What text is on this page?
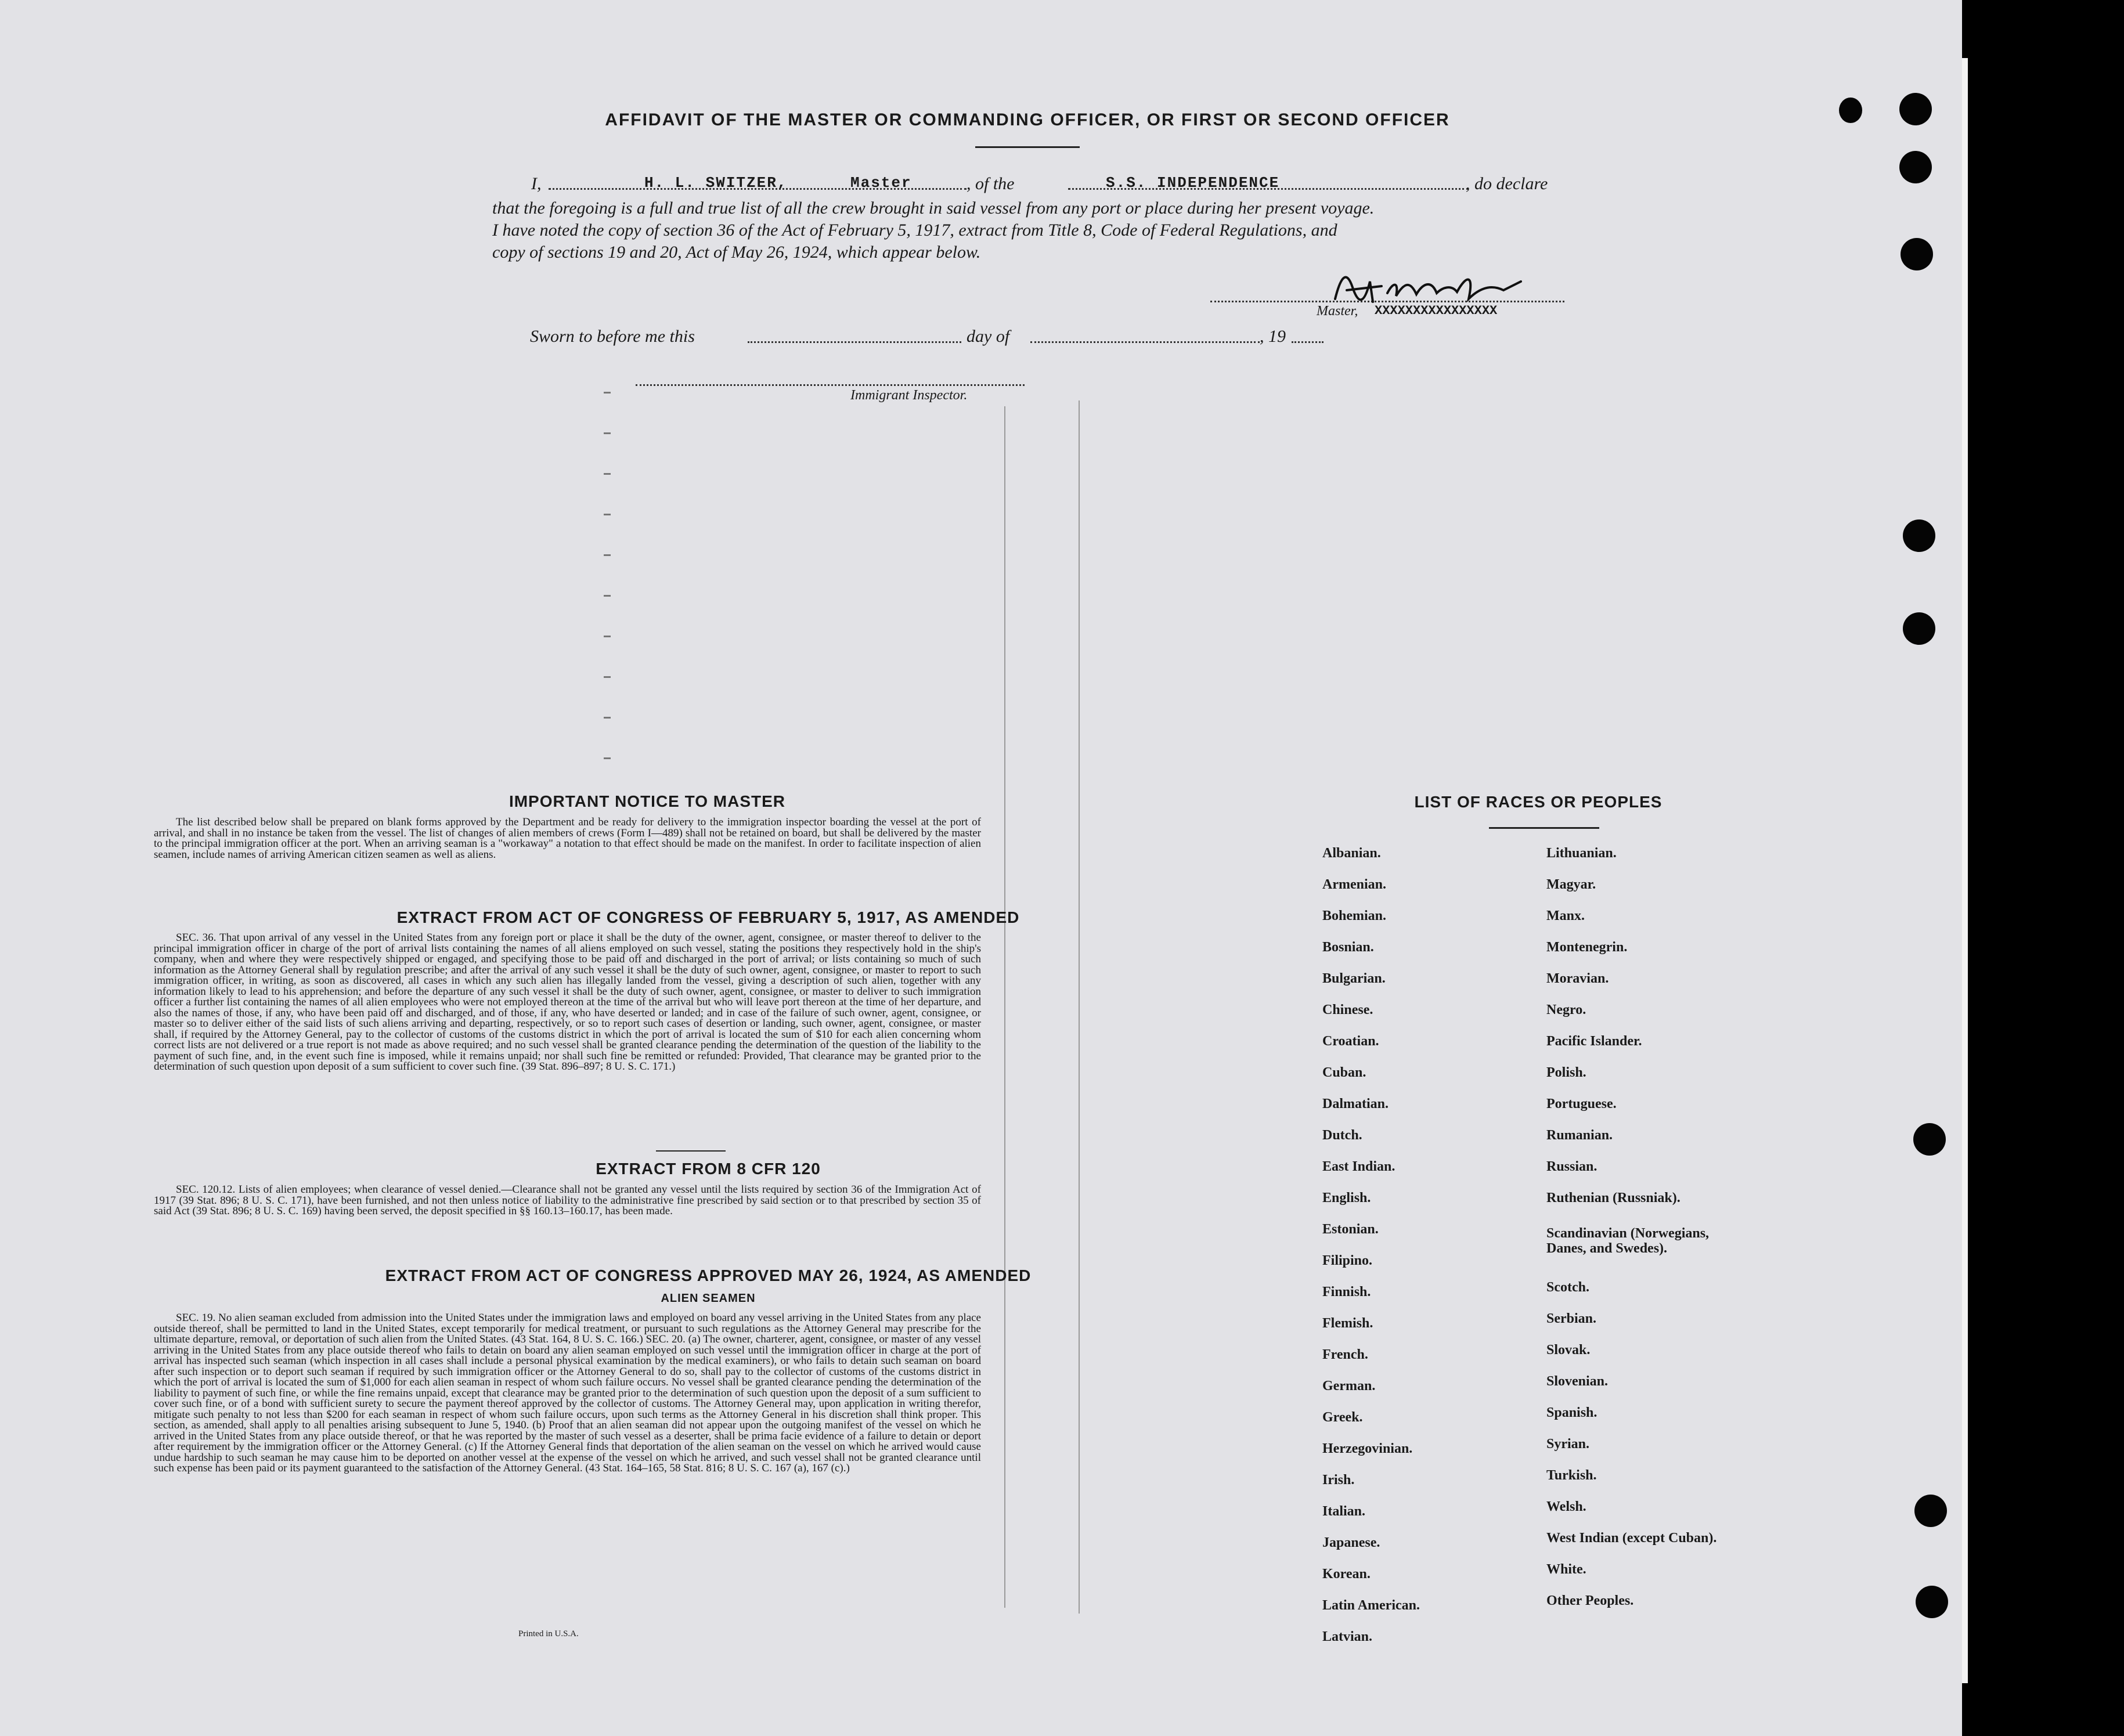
AFFIDAVIT OF THE MASTER OR COMMANDING OFFICER, OR FIRST OR SECOND OFFICER
I,	H. L. SWITZER,	Master	, of the	S.S. INDEPENDENCE	, do declare
that the foregoing is a full and true list of all the crew brought in said vessel from any port or place during her present voyage.
I have noted the copy of section 36 of the Act of February 5, 1917, extract from Title 8, Code of Federal Regulations, and
copy of sections 19 and 20, Act of May 26, 1924, which appear below.
Master, XXXXXXXXXXXXXXXX
Sworn to before me this	day of	, 19
Immigrant Inspector.
IMPORTANT NOTICE TO MASTER
The list described below shall be prepared on blank forms approved by the Department and be ready for delivery to the immigration inspector boarding the vessel at the port of arrival, and shall in no instance be taken from the vessel. The list of changes of alien members of crews (Form I—489) shall not be retained on board, but shall be delivered by the master to the principal immigration officer at the port. When an arriving seaman is a "workaway" a notation to that effect should be made on the manifest. In order to facilitate inspection of alien seamen, include names of arriving American citizen seamen as well as aliens.
EXTRACT FROM ACT OF CONGRESS OF FEBRUARY 5, 1917, AS AMENDED
SEC. 36. That upon arrival of any vessel in the United States from any foreign port or place it shall be the duty of the owner, agent, consignee, or master thereof to deliver to the principal immigration officer in charge of the port of arrival lists containing the names of all aliens employed on such vessel, stating the positions they respectively hold in the ship's company, when and where they were respectively shipped or engaged, and specifying those to be paid off and discharged in the port of arrival; or lists containing so much of such information as the Attorney General shall by regulation prescribe; and after the arrival of any such vessel it shall be the duty of such owner, agent, consignee, or master to report to such immigration officer, in writing, as soon as discovered, all cases in which any such alien has illegally landed from the vessel, giving a description of such alien, together with any information likely to lead to his apprehension; and before the departure of any such vessel it shall be the duty of such owner, agent, consignee, or master to deliver to such immigration officer a further list containing the names of all alien employees who were not employed thereon at the time of the arrival but who will leave port thereon at the time of her departure, and also the names of those, if any, who have been paid off and discharged, and of those, if any, who have deserted or landed; and in case of the failure of such owner, agent, consignee, or master so to deliver either of the said lists of such aliens arriving and departing, respectively, or so to report such cases of desertion or landing, such owner, agent, consignee, or master shall, if required by the Attorney General, pay to the collector of customs of the customs district in which the port of arrival is located the sum of $10 for each alien concerning whom correct lists are not delivered or a true report is not made as above required; and no such vessel shall be granted clearance pending the determination of the question of the liability to the payment of such fine, and, in the event such fine is imposed, while it remains unpaid; nor shall such fine be remitted or refunded: Provided, That clearance may be granted prior to the determination of such question upon deposit of a sum sufficient to cover such fine. (39 Stat. 896–897; 8 U. S. C. 171.)
EXTRACT FROM 8 CFR 120
SEC. 120.12. Lists of alien employees; when clearance of vessel denied.—Clearance shall not be granted any vessel until the lists required by section 36 of the Immigration Act of 1917 (39 Stat. 896; 8 U. S. C. 171), have been furnished, and not then unless notice of liability to the administrative fine prescribed by said section or to that prescribed by section 35 of said Act (39 Stat. 896; 8 U. S. C. 169) having been served, the deposit specified in §§ 160.13–160.17, has been made.
EXTRACT FROM ACT OF CONGRESS APPROVED MAY 26, 1924, AS AMENDED
ALIEN SEAMEN
SEC. 19. No alien seaman excluded from admission into the United States under the immigration laws and employed on board any vessel arriving in the United States from any place outside thereof, shall be permitted to land in the United States, except temporarily for medical treatment, or pursuant to such regulations as the Attorney General may prescribe for the ultimate departure, removal, or deportation of such alien from the United States. (43 Stat. 164, 8 U. S. C. 166.) SEC. 20. (a) The owner, charterer, agent, consignee, or master of any vessel arriving in the United States from any place outside thereof who fails to detain on board any alien seaman employed on such vessel until the immigration officer in charge at the port of arrival has inspected such seaman (which inspection in all cases shall include a personal physical examination by the medical examiners), or who fails to detain such seaman on board after such inspection or to deport such seaman if required by such immigration officer or the Attorney General to do so, shall pay to the collector of customs of the customs district in which the port of arrival is located the sum of $1,000 for each alien seaman in respect of whom such failure occurs. No vessel shall be granted clearance pending the determination of the liability to payment of such fine, or while the fine remains unpaid, except that clearance may be granted prior to the determination of such question upon the deposit of a sum sufficient to cover such fine, or of a bond with sufficient surety to secure the payment thereof approved by the collector of customs. The Attorney General may, upon application in writing therefor, mitigate such penalty to not less than $200 for each seaman in respect of whom such failure occurs, upon such terms as the Attorney General in his discretion shall think proper. This section, as amended, shall apply to all penalties arising subsequent to June 5, 1940. (b) Proof that an alien seaman did not appear upon the outgoing manifest of the vessel on which he arrived in the United States from any place outside thereof, or that he was reported by the master of such vessel as a deserter, shall be prima facie evidence of a failure to detain or deport after requirement by the immigration officer or the Attorney General. (c) If the Attorney General finds that deportation of the alien seaman on the vessel on which he arrived would cause undue hardship to such seaman he may cause him to be deported on another vessel at the expense of the vessel on which he arrived, and such vessel shall not be granted clearance until such expense has been paid or its payment guaranteed to the satisfaction of the Attorney General. (43 Stat. 164–165, 58 Stat. 816; 8 U. S. C. 167 (a), 167 (c).)
Printed in U.S.A.
LIST OF RACES OR PEOPLES
Albanian.
Armenian.
Bohemian.
Bosnian.
Bulgarian.
Chinese.
Croatian.
Cuban.
Dalmatian.
Dutch.
East Indian.
English.
Estonian.
Filipino.
Finnish.
Flemish.
French.
German.
Greek.
Herzegovinian.
Irish.
Italian.
Japanese.
Korean.
Latin American.
Latvian.
Lithuanian.
Magyar.
Manx.
Montenegrin.
Moravian.
Negro.
Pacific Islander.
Polish.
Portuguese.
Rumanian.
Russian.
Ruthenian (Russniak).
Scandinavian (Norwegians,
Danes, and Swedes).
Scotch.
Serbian.
Slovak.
Slovenian.
Spanish.
Syrian.
Turkish.
Welsh.
West Indian (except Cuban).
White.
Other Peoples.
